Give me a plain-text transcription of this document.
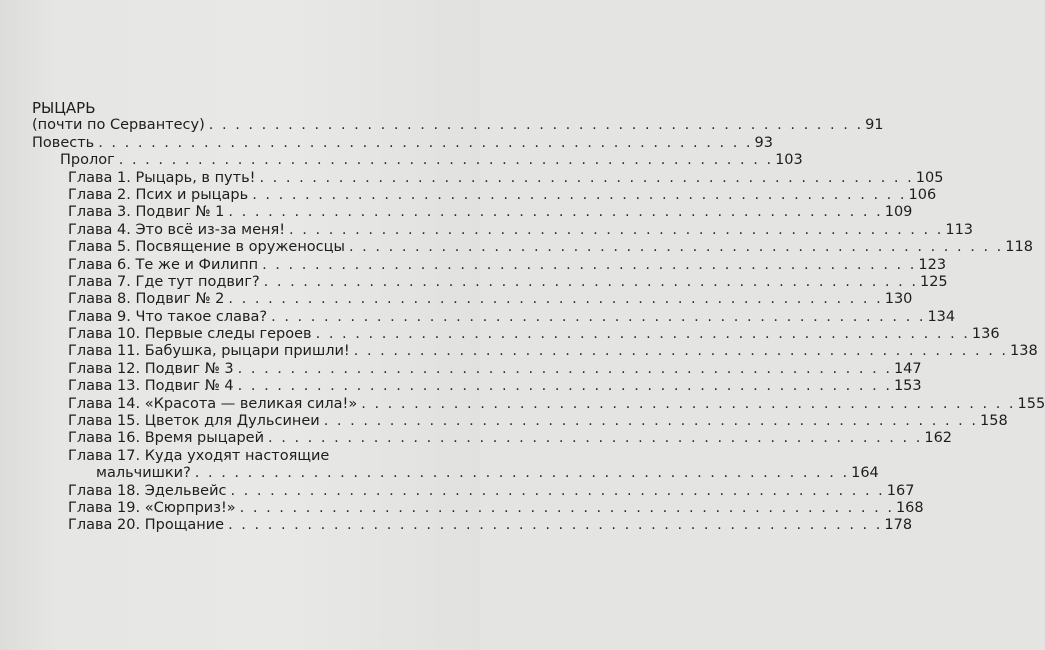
РЫЦАРЬ
(почти по Сервантесу) . . . . . . . . . . . . . . . . . . . . . . . . . . . . . . . . . . . . . . . . . . . . . . . . . . 91
Повесть . . . . . . . . . . . . . . . . . . . . . . . . . . . . . . . . . . . . . . . . . . . . . . . . . . 93
Пролог . . . . . . . . . . . . . . . . . . . . . . . . . . . . . . . . . . . . . . . . . . . . . . . . . . 103
Глава 1. Рыцарь, в путь! . . . . . . . . . . . . . . . . . . . . . . . . . . . . . . . . . . . . . . . . . . . . . . . . . . 105
Глава 2. Псих и рыцарь . . . . . . . . . . . . . . . . . . . . . . . . . . . . . . . . . . . . . . . . . . . . . . . . . . 106
Глава 3. Подвиг № 1 . . . . . . . . . . . . . . . . . . . . . . . . . . . . . . . . . . . . . . . . . . . . . . . . . . 109
Глава 4. Это всё из-за меня! . . . . . . . . . . . . . . . . . . . . . . . . . . . . . . . . . . . . . . . . . . . . . . . . . . 113
Глава 5. Посвящение в оруженосцы . . . . . . . . . . . . . . . . . . . . . . . . . . . . . . . . . . . . . . . . . . . . . . . . . . 118
Глава 6. Те же и Филипп . . . . . . . . . . . . . . . . . . . . . . . . . . . . . . . . . . . . . . . . . . . . . . . . . . 123
Глава 7. Где тут подвиг? . . . . . . . . . . . . . . . . . . . . . . . . . . . . . . . . . . . . . . . . . . . . . . . . . . 125
Глава 8. Подвиг № 2 . . . . . . . . . . . . . . . . . . . . . . . . . . . . . . . . . . . . . . . . . . . . . . . . . . 130
Глава 9. Что такое слава? . . . . . . . . . . . . . . . . . . . . . . . . . . . . . . . . . . . . . . . . . . . . . . . . . . 134
Глава 10. Первые следы героев . . . . . . . . . . . . . . . . . . . . . . . . . . . . . . . . . . . . . . . . . . . . . . . . . . 136
Глава 11. Бабушка, рыцари пришли! . . . . . . . . . . . . . . . . . . . . . . . . . . . . . . . . . . . . . . . . . . . . . . . . . . 138
Глава 12. Подвиг № 3 . . . . . . . . . . . . . . . . . . . . . . . . . . . . . . . . . . . . . . . . . . . . . . . . . . 147
Глава 13. Подвиг № 4 . . . . . . . . . . . . . . . . . . . . . . . . . . . . . . . . . . . . . . . . . . . . . . . . . . 153
Глава 14. «Красота — великая сила!» . . . . . . . . . . . . . . . . . . . . . . . . . . . . . . . . . . . . . . . . . . . . . . . . . . 155
Глава 15. Цветок для Дульсинеи . . . . . . . . . . . . . . . . . . . . . . . . . . . . . . . . . . . . . . . . . . . . . . . . . . 158
Глава 16. Время рыцарей . . . . . . . . . . . . . . . . . . . . . . . . . . . . . . . . . . . . . . . . . . . . . . . . . . 162
Глава 17. Куда уходят настоящие
мальчишки? . . . . . . . . . . . . . . . . . . . . . . . . . . . . . . . . . . . . . . . . . . . . . . . . . . 164
Глава 18. Эдельвейс . . . . . . . . . . . . . . . . . . . . . . . . . . . . . . . . . . . . . . . . . . . . . . . . . . 167
Глава 19. «Сюрприз!» . . . . . . . . . . . . . . . . . . . . . . . . . . . . . . . . . . . . . . . . . . . . . . . . . . 168
Глава 20. Прощание . . . . . . . . . . . . . . . . . . . . . . . . . . . . . . . . . . . . . . . . . . . . . . . . . . 178
